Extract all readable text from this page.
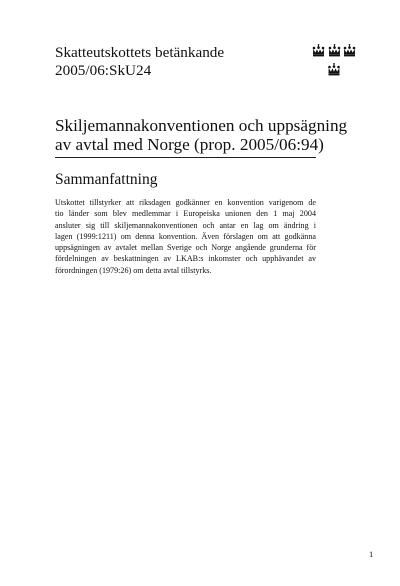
Skatteutskottets betänkande
2005/06:SkU24
Skiljemannakonventionen och uppsägning
av avtal med Norge (prop. 2005/06:94)
Sammanfattning
Utskottet tillstyrker att riksdagen godkänner en konvention varigenom de
tio länder som blev medlemmar i Europeiska unionen den 1 maj 2004
ansluter sig till skiljemannakonventionen och antar en lag om ändring i
lagen (1999:1211) om denna konvention. Även förslagen om att godkänna
uppsägningen av avtalet mellan Sverige och Norge angående grunderna för
fördelningen av beskattningen av LKAB:s inkomster och upphävandet av
förordningen (1979:26) om detta avtal tillstyrks.
1
